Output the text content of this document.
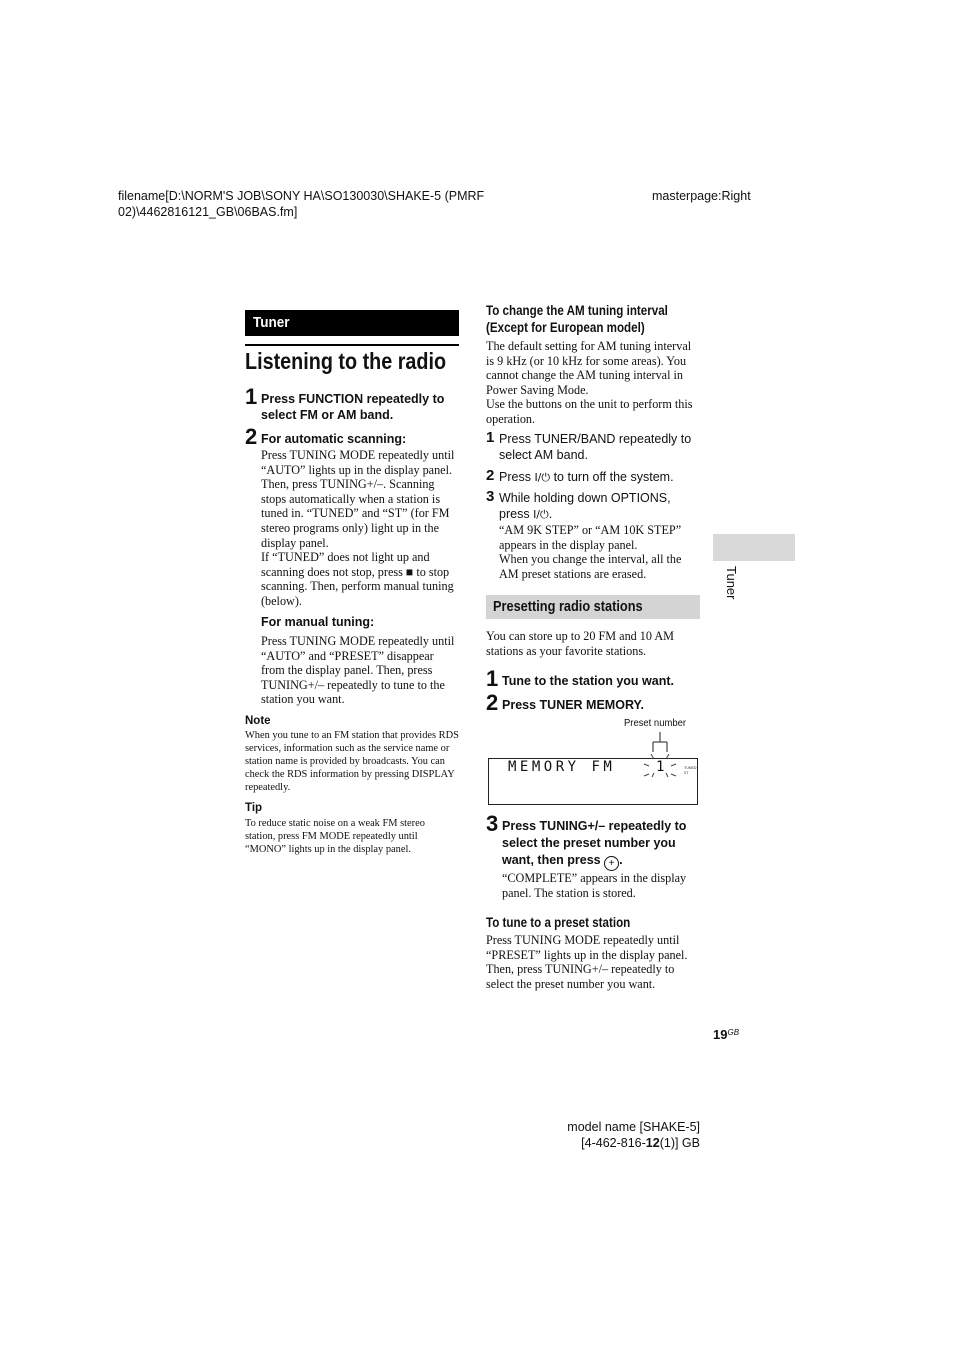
filename[D:\NORM'S JOB\SONY HA\SO130030\SHAKE-5 (PMRF
02)\4462816121_GB\06BAS.fm]
masterpage:Right
Tuner
Listening to the radio
1 Press FUNCTION repeatedly to select FM or AM band.
2 For automatic scanning:
Press TUNING MODE repeatedly until “AUTO” lights up in the display panel. Then, press TUNING+/–. Scanning stops automatically when a station is tuned in. “TUNED” and “ST” (for FM stereo programs only) light up in the display panel.
If “TUNED” does not light up and scanning does not stop, press ■ to stop scanning. Then, perform manual tuning (below).
For manual tuning:
Press TUNING MODE repeatedly until “AUTO” and “PRESET” disappear from the display panel. Then, press TUNING+/– repeatedly to tune to the station you want.
Note
When you tune to an FM station that provides RDS services, information such as the service name or station name is provided by broadcasts. You can check the RDS information by pressing DISPLAY repeatedly.
Tip
To reduce static noise on a weak FM stereo station, press FM MODE repeatedly until “MONO” lights up in the display panel.
To change the AM tuning interval
(Except for European model)
The default setting for AM tuning interval is 9 kHz (or 10 kHz for some areas). You cannot change the AM tuning interval in Power Saving Mode.
Use the buttons on the unit to perform this operation.
1 Press TUNER/BAND repeatedly to select AM band.
2 Press I/⏻ to turn off the system.
3 While holding down OPTIONS, press I/⏻.
“AM 9K STEP” or “AM 10K STEP” appears in the display panel.
When you change the interval, all the AM preset stations are erased.
Presetting radio stations
You can store up to 20 FM and 10 AM stations as your favorite stations.
1 Tune to the station you want.
2 Press TUNER MEMORY.
Preset number
MEMORY FM	1	TUNED
ST
3 Press TUNING+/– repeatedly to select the preset number you want, then press + .
“COMPLETE” appears in the display panel. The station is stored.
To tune to a preset station
Press TUNING MODE repeatedly until “PRESET” lights up in the display panel. Then, press TUNING+/– repeatedly to select the preset number you want.
Tuner
$19^{GB}$
model name [SHAKE-5]
[4-462-816-12(1)] GB
